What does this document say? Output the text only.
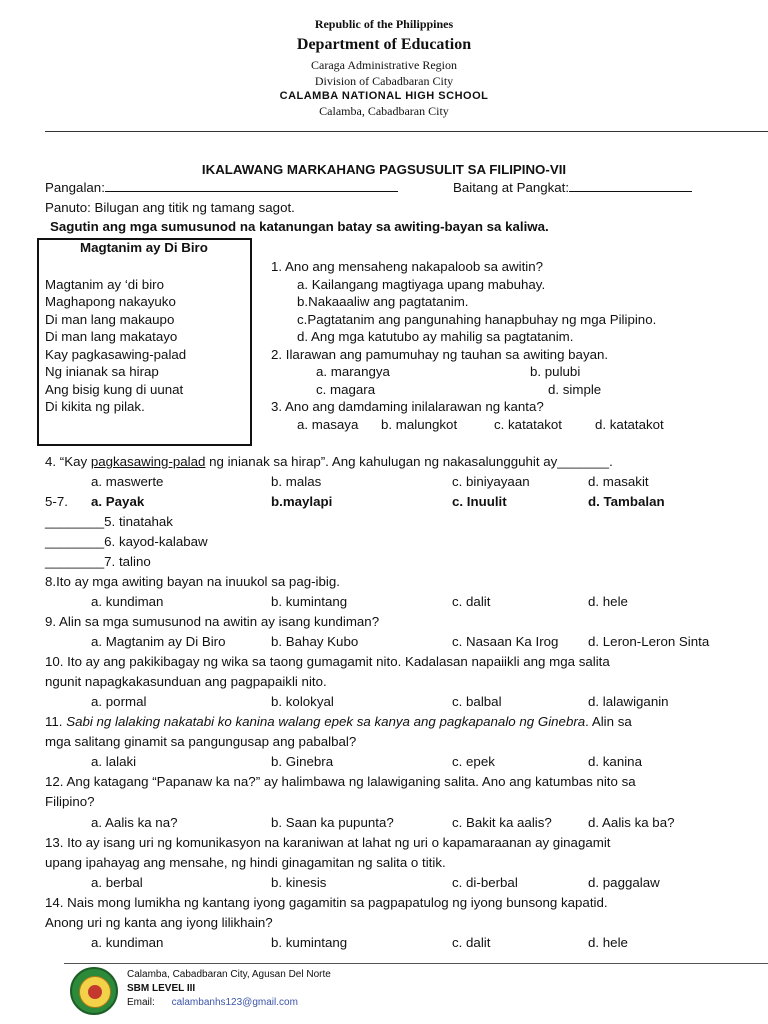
Republic of the Philippines
Department of Education
Caraga Administrative Region
Division of Cabadbaran City
CALAMBA NATIONAL HIGH SCHOOL
Calamba, Cabadbaran City
IKALAWANG MARKAHANG PAGSUSULIT SA FILIPINO-VII
Pangalan:	Baitang at Pangkat:
Panuto: Bilugan ang titik ng tamang sagot.
Sagutin ang mga sumusunod na katanungan batay sa awiting-bayan sa kaliwa.
Magtanim ay Di Biro
Magtanim ay ‘di biro
Maghapong nakayuko
Di man lang makaupo
Di man lang makatayo
Kay pagkasawing-palad
Ng inianak sa hirap
Ang bisig kung di uunat
Di kikita ng pilak.
1. Ano ang mensaheng nakapaloob sa awitin?
a. Kailangang magtiyaga upang mabuhay.
b.Nakaaaliw ang pagtatanim.
c.Pagtatanim ang pangunahing hanapbuhay ng mga Pilipino.
d. Ang mga katutubo ay mahilig sa pagtatanim.
2. Ilarawan ang pamumuhay ng tauhan sa awiting bayan.
a. marangya	b. pulubi
c. magara	d. simple
3. Ano ang damdaming inilalarawan ng kanta?
a. masaya b. malungkot	c. katatakot d. katatakot
4. “Kay pagkasawing-palad ng inianak sa hirap”. Ang kahulugan ng nakasalungguhit ay_______.
a. maswerte	b. malas	c. biniyayaan	d. masakit
5-7. a. Payak	b.maylapi	c. Inuulit	d. Tambalan
________5. tinatahak
________6. kayod-kalabaw
________7. talino
8.Ito ay mga awiting bayan na inuukol sa pag-ibig.
a. kundiman	b. kumintang	c. dalit	d. hele
9. Alin sa mga sumusunod na awitin ay isang kundiman?
a. Magtanim ay Di Biro	b. Bahay Kubo	c. Nasaan Ka Irog d. Leron-Leron Sinta
10. Ito ay ang pakikibagay ng wika sa taong gumagamit nito. Kadalasan napaiikli ang mga salita
ngunit napagkakasunduan ang pagpapaikli nito.
a. pormal	b. kolokyal	c. balbal	d. lalawiganin
11. Sabi ng lalaking nakatabi ko kanina walang epek sa kanya ang pagkapanalo ng Ginebra. Alin sa
mga salitang ginamit sa pangungusap ang pabalbal?
a. lalaki	b. Ginebra	c. epek	d. kanina
12. Ang katagang “Papanaw ka na?” ay halimbawa ng lalawiganing salita. Ano ang katumbas nito sa
Filipino?
a. Aalis ka na?	b. Saan ka pupunta?	c. Bakit ka aalis?	d. Aalis ka ba?
13. Ito ay isang uri ng komunikasyon na karaniwan at lahat ng uri o kapamaraanan ay ginagamit
upang ipahayag ang mensahe, ng hindi ginagamitan ng salita o titik.
a. berbal	b. kinesis	c. di-berbal	d. paggalaw
14. Nais mong lumikha ng kantang iyong gagamitin sa pagpapatulog ng iyong bunsong kapatid.
Anong uri ng kanta ang iyong lilikhain?
a. kundiman	b. kumintang	c. dalit	d. hele
Calamba, Cabadbaran City, Agusan Del Norte
SBM LEVEL III
Email: calambanhs123@gmail.com
